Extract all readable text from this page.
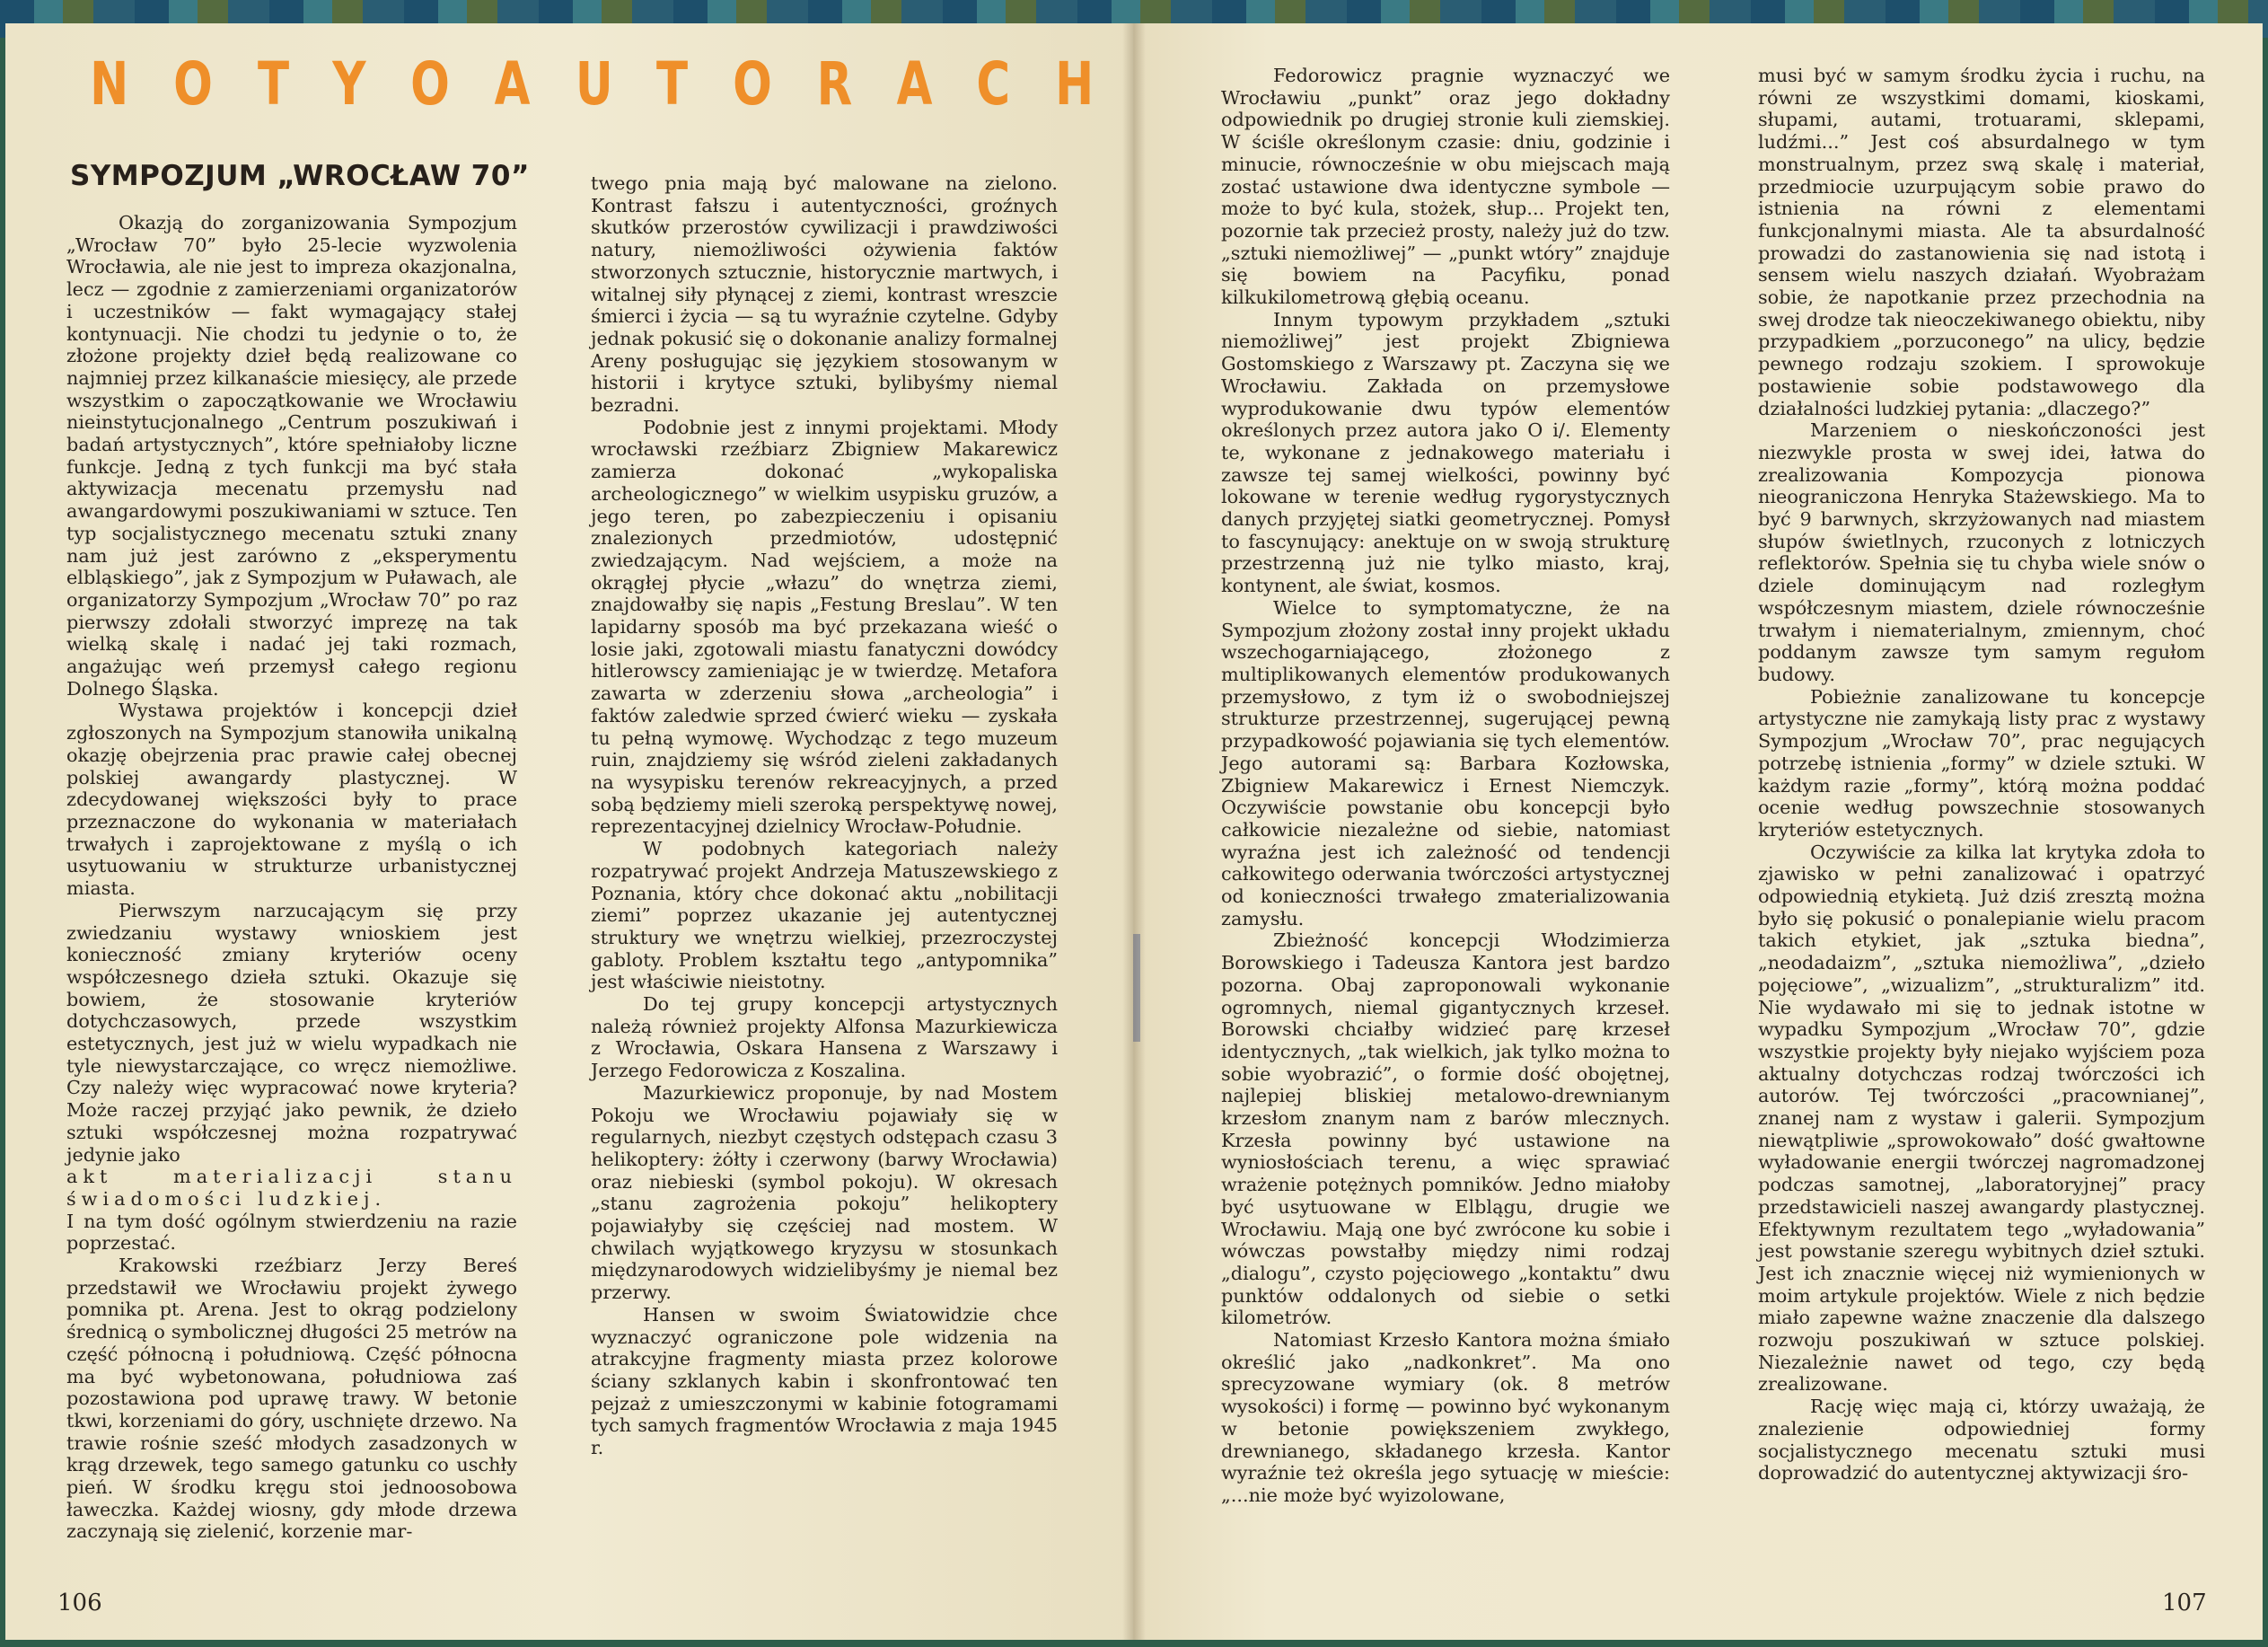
N O T Y O A U T O R A C H
SYMPOZJUM „WROCŁAW 70”

Okazją do zorganizowania Sympozjum „Wrocław 70” było 25-lecie wyzwolenia Wrocławia, ale nie jest to impreza okazjonalna, lecz — zgodnie z zamierzeniami organizatorów i uczestników — fakt wymagający stałej kontynuacji. Nie chodzi tu jedynie o to, że złożone projekty dzieł będą realizowane co najmniej przez kilkanaście miesięcy, ale przede wszystkim o zapoczątkowanie we Wrocławiu nieinstytucjonalnego „Centrum poszukiwań i badań artystycznych”, które spełniałoby liczne funkcje. Jedną z tych funkcji ma być stała aktywizacja mecenatu przemysłu nad awangardowymi poszukiwaniami w sztuce. Ten typ socjalistycznego mecenatu sztuki znany nam już jest zarówno z „eksperymentu elbląskiego”, jak z Sympozjum w Puławach, ale organizatorzy Sympozjum „Wrocław 70” po raz pierwszy zdołali stworzyć imprezę na tak wielką skalę i nadać jej taki rozmach, angażując weń przemysł całego regionu Dolnego Śląska.

Wystawa projektów i koncepcji dzieł zgłoszonych na Sympozjum stanowiła unikalną okazję obejrzenia prac prawie całej obecnej polskiej awangardy plastycznej. W zdecydowanej większości były to prace przeznaczone do wykonania w materiałach trwałych i zaprojektowane z myślą o ich usytuowaniu w strukturze urbanistycznej miasta.

Pierwszym narzucającym się przy zwiedzaniu wystawy wnioskiem jest konieczność zmiany kryteriów oceny współczesnego dzieła sztuki. Okazuje się bowiem, że stosowanie kryteriów dotychczasowych, przede wszystkim estetycznych, jest już w wielu wypadkach nie tyle niewystarczające, co wręcz niemożliwe. Czy należy więc wypracować nowe kryteria? Może raczej przyjąć jako pewnik, że dzieło sztuki współczesnej można rozpatrywać jedynie jako

akt materializacji stanu świadomości ludzkiej.

I na tym dość ogólnym stwierdzeniu na razie poprzestać.

Krakowski rzeźbiarz Jerzy Bereś przedstawił we Wrocławiu projekt żywego pomnika pt. Arena. Jest to okrąg podzielony średnicą o symbolicznej długości 25 metrów na część północną i południową. Część północna ma być wybetonowana, południowa zaś pozostawiona pod uprawę trawy. W betonie tkwi, korzeniami do góry, uschnięte drzewo. Na trawie rośnie sześć młodych zasadzonych w krąg drzewek, tego samego gatunku co uschły pień. W środku kręgu stoi jednoosobowa ławeczka. Każdej wiosny, gdy młode drzewa zaczynają się zielenić, korzenie mar-

twego pnia mają być malowane na zielono. Kontrast fałszu i autentyczności, groźnych skutków przerostów cywilizacji i prawdziwości natury, niemożliwości ożywienia faktów stworzonych sztucznie, historycznie martwych, i witalnej siły płynącej z ziemi, kontrast wreszcie śmierci i życia — są tu wyraźnie czytelne. Gdyby jednak pokusić się o dokonanie analizy formalnej Areny posługując się językiem stosowanym w historii i krytyce sztuki, bylibyśmy niemal bezradni.

Podobnie jest z innymi projektami. Młody wrocławski rzeźbiarz Zbigniew Makarewicz zamierza dokonać „wykopaliska archeologicznego” w wielkim usypisku gruzów, a jego teren, po zabezpieczeniu i opisaniu znalezionych przedmiotów, udostępnić zwiedzającym. Nad wejściem, a może na okrągłej płycie „włazu” do wnętrza ziemi, znajdowałby się napis „Festung Breslau”. W ten lapidarny sposób ma być przekazana wieść o losie jaki, zgotowali miastu fanatyczni dowódcy hitlerowscy zamieniając je w twierdzę. Metafora zawarta w zderzeniu słowa „archeologia” i faktów zaledwie sprzed ćwierć wieku — zyskała tu pełną wymowę. Wychodząc z tego muzeum ruin, znajdziemy się wśród zieleni zakładanych na wysypisku terenów rekreacyjnych, a przed sobą będziemy mieli szeroką perspektywę nowej, reprezentacyjnej dzielnicy Wrocław-Południe.

W podobnych kategoriach należy rozpatrywać projekt Andrzeja Matuszewskiego z Poznania, który chce dokonać aktu „nobilitacji ziemi” poprzez ukazanie jej autentycznej struktury we wnętrzu wielkiej, przezroczystej gabloty. Problem kształtu tego „antypomnika” jest właściwie nieistotny.

Do tej grupy koncepcji artystycznych należą również projekty Alfonsa Mazurkiewicza z Wrocławia, Oskara Hansena z Warszawy i Jerzego Fedorowicza z Koszalina.

Mazurkiewicz proponuje, by nad Mostem Pokoju we Wrocławiu pojawiały się w regularnych, niezbyt częstych odstępach czasu 3 helikoptery: żółty i czerwony (barwy Wrocławia) oraz niebieski (symbol pokoju). W okresach „stanu zagrożenia pokoju” helikoptery pojawiałyby się częściej nad mostem. W chwilach wyjątkowego kryzysu w stosunkach międzynarodowych widzielibyśmy je niemal bez przerwy.

Hansen w swoim Światowidzie chce wyznaczyć ograniczone pole widzenia na atrakcyjne fragmenty miasta przez kolorowe ściany szklanych kabin i skonfrontować ten pejzaż z umieszczonymi w kabinie fotogramami tych samych fragmentów Wrocławia z maja 1945 r.

Fedorowicz pragnie wyznaczyć we Wrocławiu „punkt” oraz jego dokładny odpowiednik po drugiej stronie kuli ziemskiej. W ściśle określonym czasie: dniu, godzinie i minucie, równocześnie w obu miejscach mają zostać ustawione dwa identyczne symbole — może to być kula, stożek, słup... Projekt ten, pozornie tak przecież prosty, należy już do tzw. „sztuki niemożliwej” — „punkt wtóry” znajduje się bowiem na Pacyfiku, ponad kilkukilometrową głębią oceanu.

Innym typowym przykładem „sztuki niemożliwej” jest projekt Zbigniewa Gostomskiego z Warszawy pt. Zaczyna się we Wrocławiu. Zakłada on przemysłowe wyprodukowanie dwu typów elementów określonych przez autora jako O i/. Elementy te, wykonane z jednakowego materiału i zawsze tej samej wielkości, powinny być lokowane w terenie według rygorystycznych danych przyjętej siatki geometrycznej. Pomysł to fascynujący: anektuje on w swoją strukturę przestrzenną już nie tylko miasto, kraj, kontynent, ale świat, kosmos.

Wielce to symptomatyczne, że na Sympozjum złożony został inny projekt układu wszechogarniającego, złożonego z multiplikowanych elementów produkowanych przemysłowo, z tym iż o swobodniejszej strukturze przestrzennej, sugerującej pewną przypadkowość pojawiania się tych elementów. Jego autorami są: Barbara Kozłowska, Zbigniew Makarewicz i Ernest Niemczyk. Oczywiście powstanie obu koncepcji było całkowicie niezależne od siebie, natomiast wyraźna jest ich zależność od tendencji całkowitego oderwania twórczości artystycznej od konieczności trwałego zmaterializowania zamysłu.

Zbieżność koncepcji Włodzimierza Borowskiego i Tadeusza Kantora jest bardzo pozorna. Obaj zaproponowali wykonanie ogromnych, niemal gigantycznych krzeseł. Borowski chciałby widzieć parę krzeseł identycznych, „tak wielkich, jak tylko można to sobie wyobrazić”, o formie dość obojętnej, najlepiej bliskiej metalowo-drewnianym krzesłom znanym nam z barów mlecznych. Krzesła powinny być ustawione na wyniosłościach terenu, a więc sprawiać wrażenie potężnych pomników. Jedno miałoby być usytuowane w Elblągu, drugie we Wrocławiu. Mają one być zwrócone ku sobie i wówczas powstałby między nimi rodzaj „dialogu”, czysto pojęciowego „kontaktu” dwu punktów oddalonych od siebie o setki kilometrów.

Natomiast Krzesło Kantora można śmiało określić jako „nadkonkret”. Ma ono sprecyzowane wymiary (ok. 8 metrów wysokości) i formę — powinno być wykonanym w betonie powiększeniem zwykłego, drewnianego, składanego krzesła. Kantor wyraźnie też określa jego sytuację w mieście: „...nie może być wyizolowane,

musi być w samym środku życia i ruchu, na równi ze wszystkimi domami, kioskami, słupami, autami, trotuarami, sklepami, ludźmi...” Jest coś absurdalnego w tym monstrualnym, przez swą skalę i materiał, przedmiocie uzurpującym sobie prawo do istnienia na równi z elementami funkcjonalnymi miasta. Ale ta absurdalność prowadzi do zastanowienia się nad istotą i sensem wielu naszych działań. Wyobrażam sobie, że napotkanie przez przechodnia na swej drodze tak nieoczekiwanego obiektu, niby przypadkiem „porzuconego” na ulicy, będzie pewnego rodzaju szokiem. I sprowokuje postawienie sobie podstawowego dla działalności ludzkiej pytania: „dlaczego?”

Marzeniem o nieskończoności jest niezwykle prosta w swej idei, łatwa do zrealizowania Kompozycja pionowa nieograniczona Henryka Stażewskiego. Ma to być 9 barwnych, skrzyżowanych nad miastem słupów świetlnych, rzuconych z lotniczych reflektorów. Spełnia się tu chyba wiele snów o dziele dominującym nad rozległym współczesnym miastem, dziele równocześnie trwałym i niematerialnym, zmiennym, choć poddanym zawsze tym samym regułom budowy.

Pobieżnie zanalizowane tu koncepcje artystyczne nie zamykają listy prac z wystawy Sympozjum „Wrocław 70”, prac negujących potrzebę istnienia „formy” w dziele sztuki. W każdym razie „formy”, którą można poddać ocenie według powszechnie stosowanych kryteriów estetycznych.

Oczywiście za kilka lat krytyka zdoła to zjawisko w pełni zanalizować i opatrzyć odpowiednią etykietą. Już dziś zresztą można było się pokusić o ponalepianie wielu pracom takich etykiet, jak „sztuka biedna”, „neodadaizm”, „sztuka niemożliwa”, „dzieło pojęciowe”, „wizualizm”, „strukturalizm” itd. Nie wydawało mi się to jednak istotne w wypadku Sympozjum „Wrocław 70”, gdzie wszystkie projekty były niejako wyjściem poza aktualny dotychczas rodzaj twórczości ich autorów. Tej twórczości „pracownianej”, znanej nam z wystaw i galerii. Sympozjum niewątpliwie „sprowokowało” dość gwałtowne wyładowanie energii twórczej nagromadzonej podczas samotnej, „laboratoryjnej” pracy przedstawicieli naszej awangardy plastycznej. Efektywnym rezultatem tego „wyładowania” jest powstanie szeregu wybitnych dzieł sztuki. Jest ich znacznie więcej niż wymienionych w moim artykule projektów. Wiele z nich będzie miało zapewne ważne znaczenie dla dalszego rozwoju poszukiwań w sztuce polskiej. Niezależnie nawet od tego, czy będą zrealizowane.

Rację więc mają ci, którzy uważają, że znalezienie odpowiedniej formy socjalistycznego mecenatu sztuki musi doprowadzić do autentycznej aktywizacji śro-

106	107
